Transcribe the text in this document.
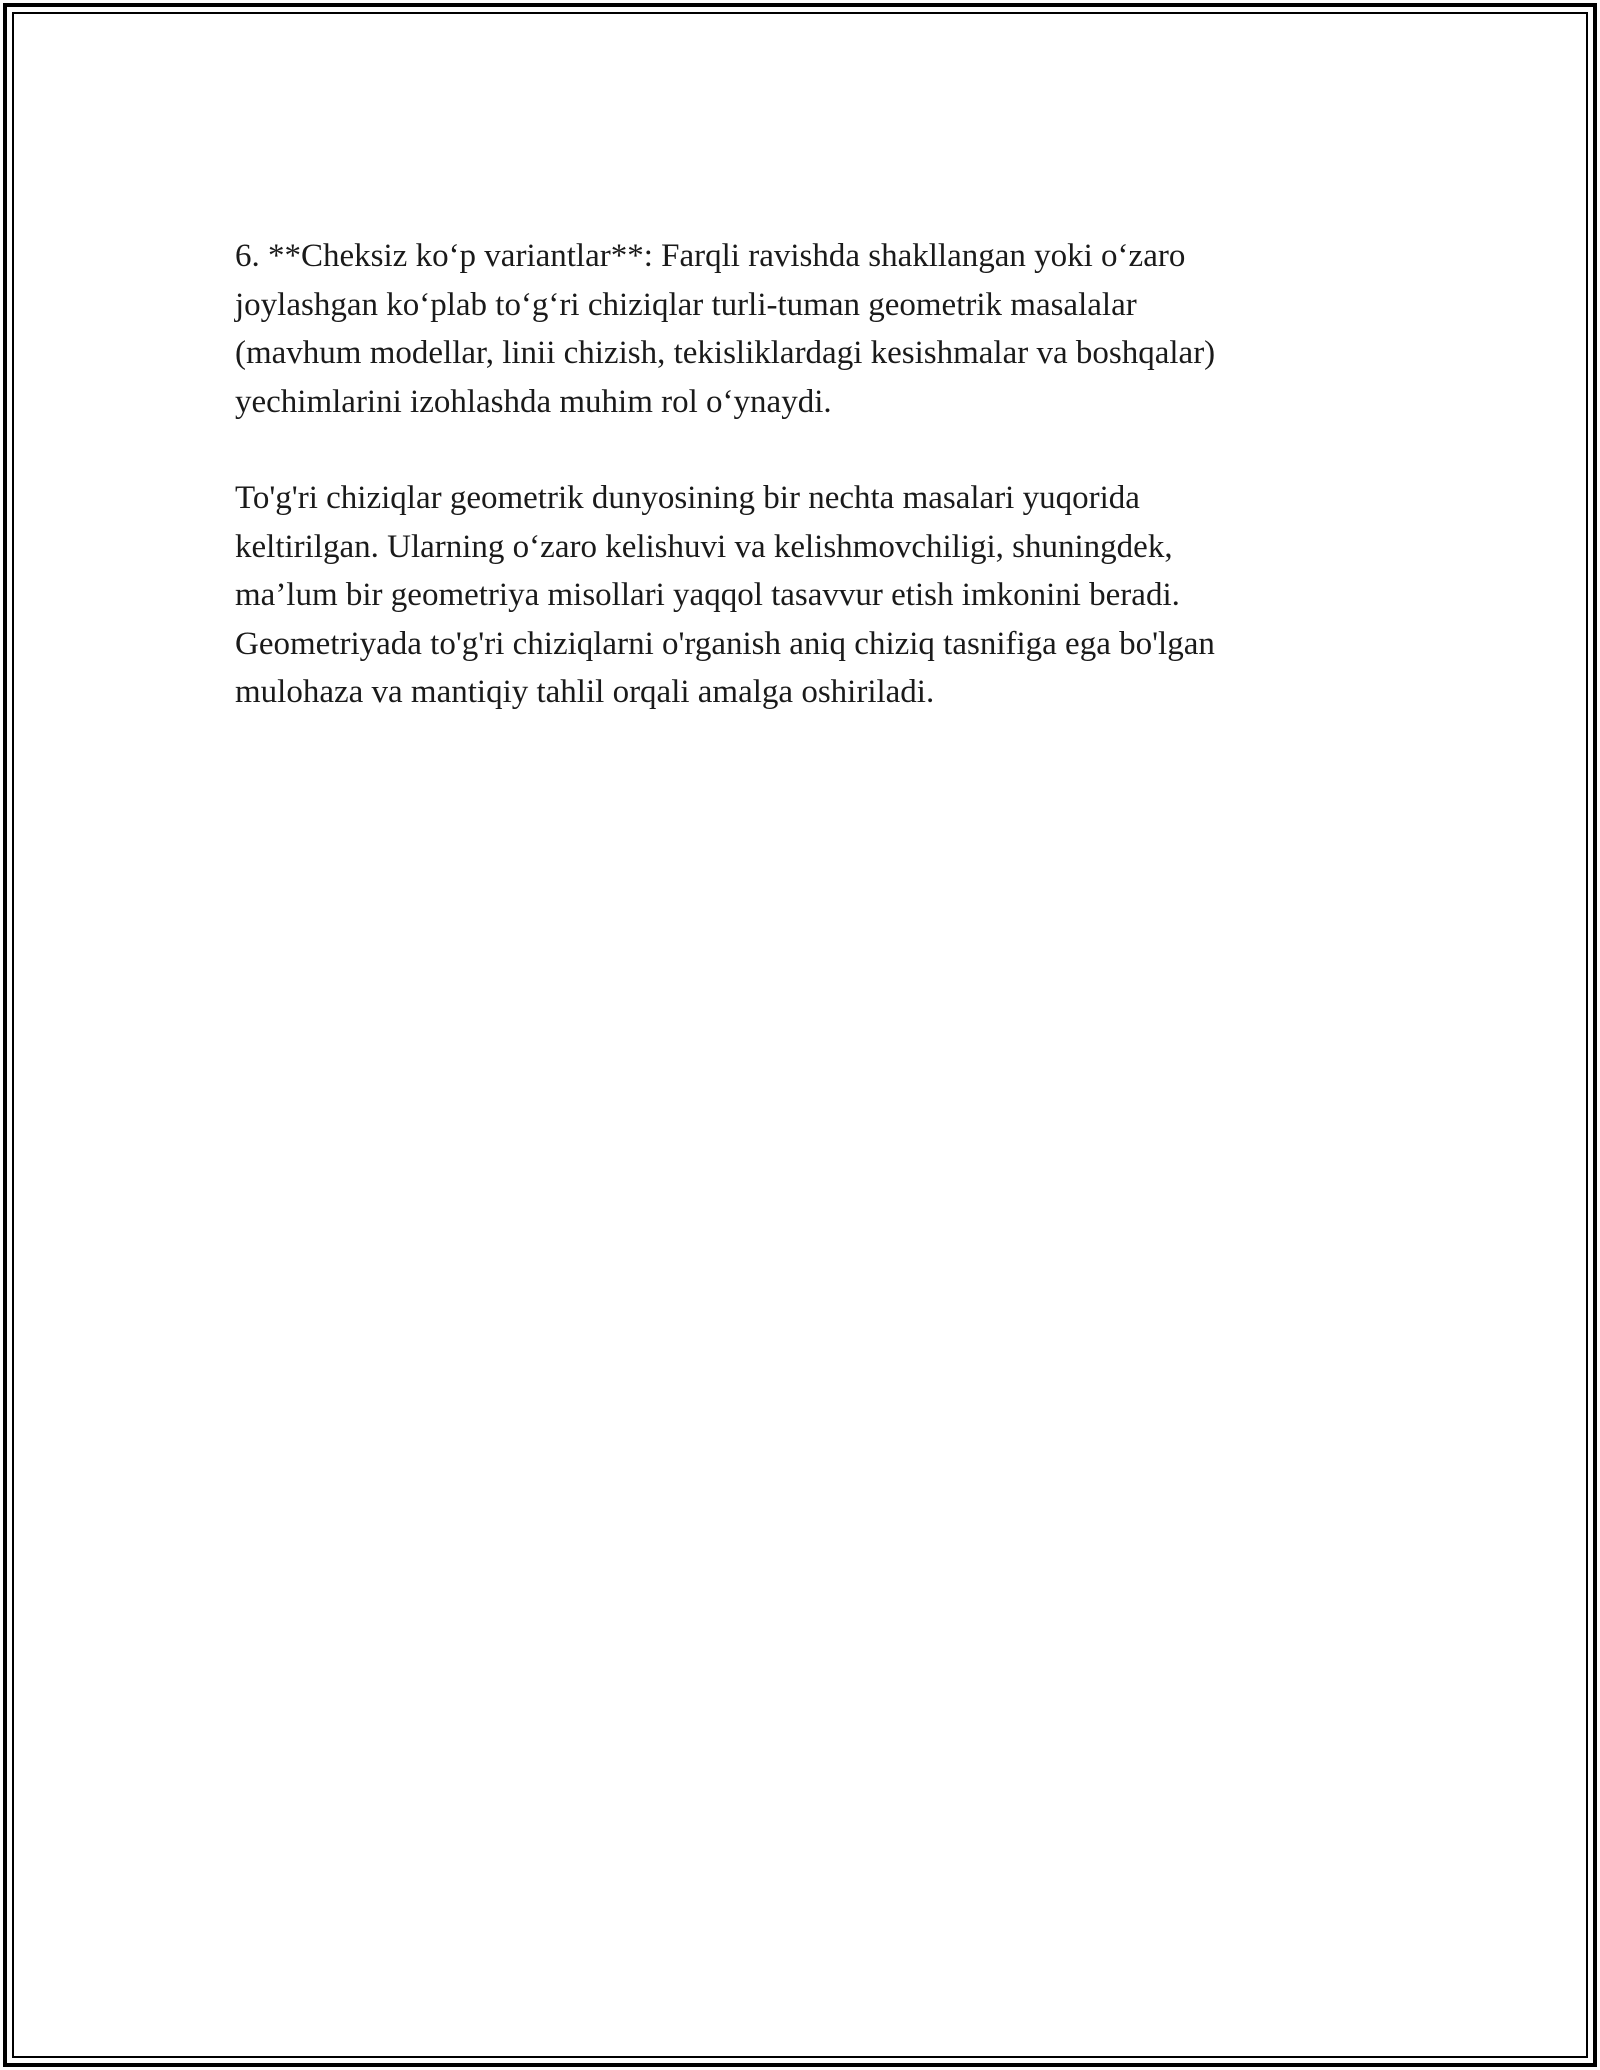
6. **Cheksiz ko‘p variantlar**: Farqli ravishda shakllangan yoki o‘zaro
joylashgan ko‘plab to‘g‘ri chiziqlar turli-tuman geometrik masalalar
(mavhum modellar, linii chizish, tekisliklardagi kesishmalar va boshqalar)
yechimlarini izohlashda muhim rol o‘ynaydi.

To'g'ri chiziqlar geometrik dunyosining bir nechta masalari yuqorida
keltirilgan. Ularning o‘zaro kelishuvi va kelishmovchiligi, shuningdek,
ma’lum bir geometriya misollari yaqqol tasavvur etish imkonini beradi.
Geometriyada to'g'ri chiziqlarni o'rganish aniq chiziq tasnifiga ega bo'lgan
mulohaza va mantiqiy tahlil orqali amalga oshiriladi.
